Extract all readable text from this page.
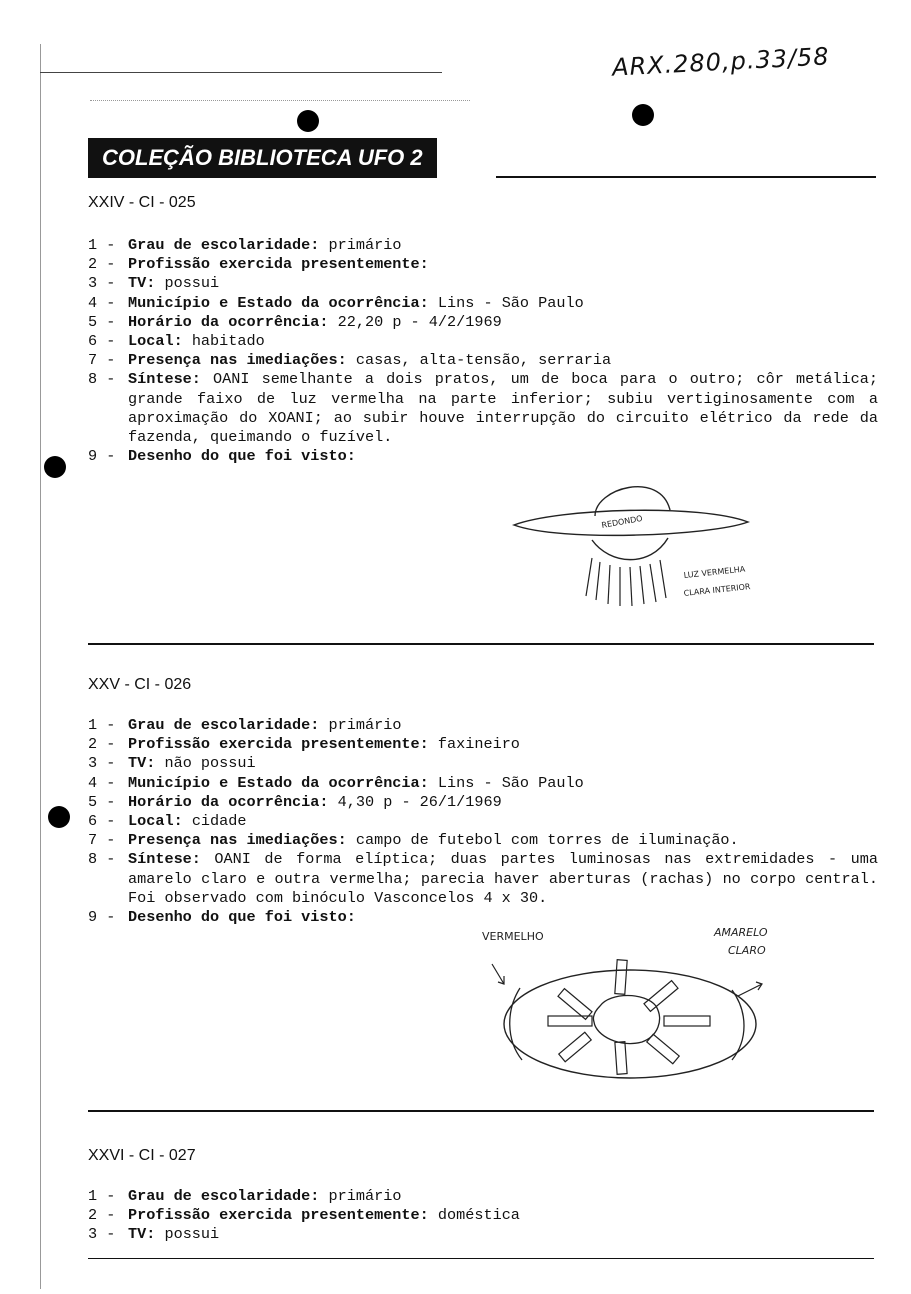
ARX.280,p.33/58
COLEÇÃO BIBLIOTECA UFO 2
XXIV - CI - 025
1 - Grau de escolaridade: primário
2 - Profissão exercida presentemente:
3 - TV: possui
4 - Município e Estado da ocorrência: Lins - São Paulo
5 - Horário da ocorrência: 22,20 p - 4/2/1969
6 - Local: habitado
7 - Presença nas imediações: casas, alta-tensão, serraria
8 - Síntese: OANI semelhante a dois pratos, um de boca para o outro; côr metálica; grande faixo de luz vermelha na parte inferior; subiu vertiginosamente com a aproximação do XOANI; ao subir houve interrupção do circuito elétrico da rede da fazenda, queimando o fuzível.
9 - Desenho do que foi visto:
REDONDO
LUZ VERMELHA
CLARA INTERIOR
XXV - CI - 026
1 - Grau de escolaridade: primário
2 - Profissão exercida presentemente: faxineiro
3 - TV: não possui
4 - Município e Estado da ocorrência: Lins - São Paulo
5 - Horário da ocorrência: 4,30 p - 26/1/1969
6 - Local: cidade
7 - Presença nas imediações: campo de futebol com torres de iluminação.
8 - Síntese: OANI de forma elíptica; duas partes luminosas nas extremidades - uma amarelo claro e outra vermelha; parecia haver aberturas (rachas) no corpo central. Foi observado com binóculo Vasconcelos 4 x 30.
9 - Desenho do que foi visto:
VERMELHO	AMARELO
CLARO
XXVI - CI - 027
1 - Grau de escolaridade: primário
2 - Profissão exercida presentemente: doméstica
3 - TV: possui
